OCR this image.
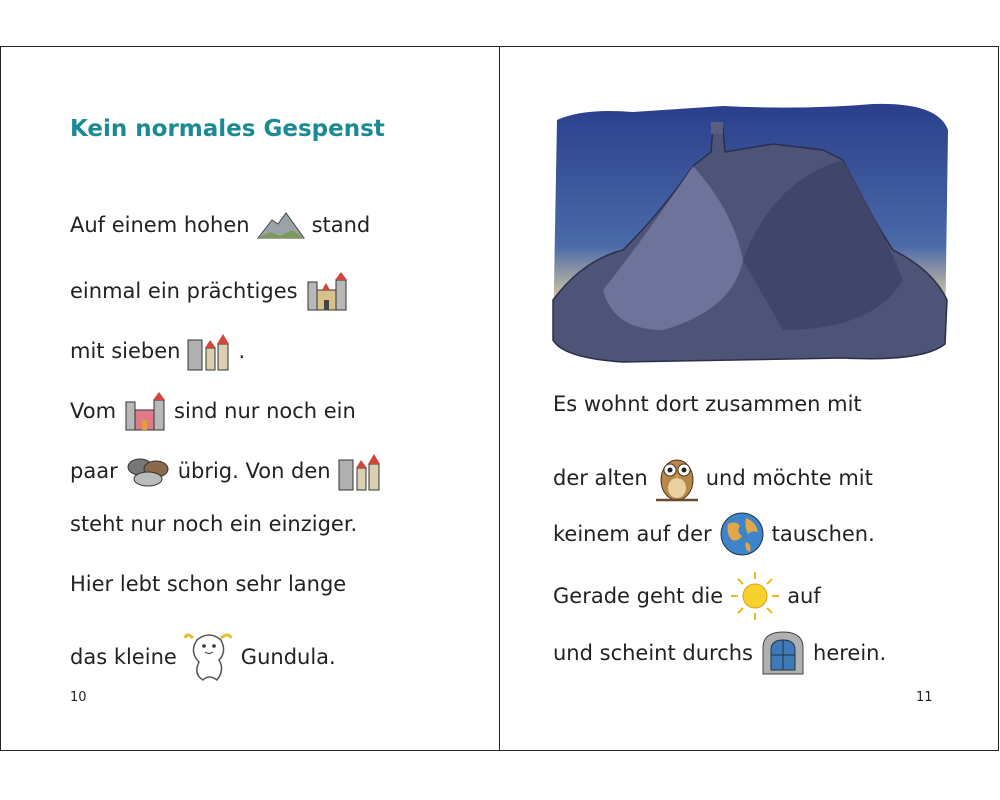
Kein normales Gespenst
Auf einem hohen	stand
einmal ein prächtiges
mit sieben	.
Vom	sind nur noch ein
paar	übrig. Von den
steht nur noch ein einziger.
Hier lebt schon sehr lange
das kleine	Gundula.
10
Es wohnt dort zusammen mit
der alten	und möchte mit
keinem auf der	tauschen.
Gerade geht die	auf
und scheint durchs	herein.
11
